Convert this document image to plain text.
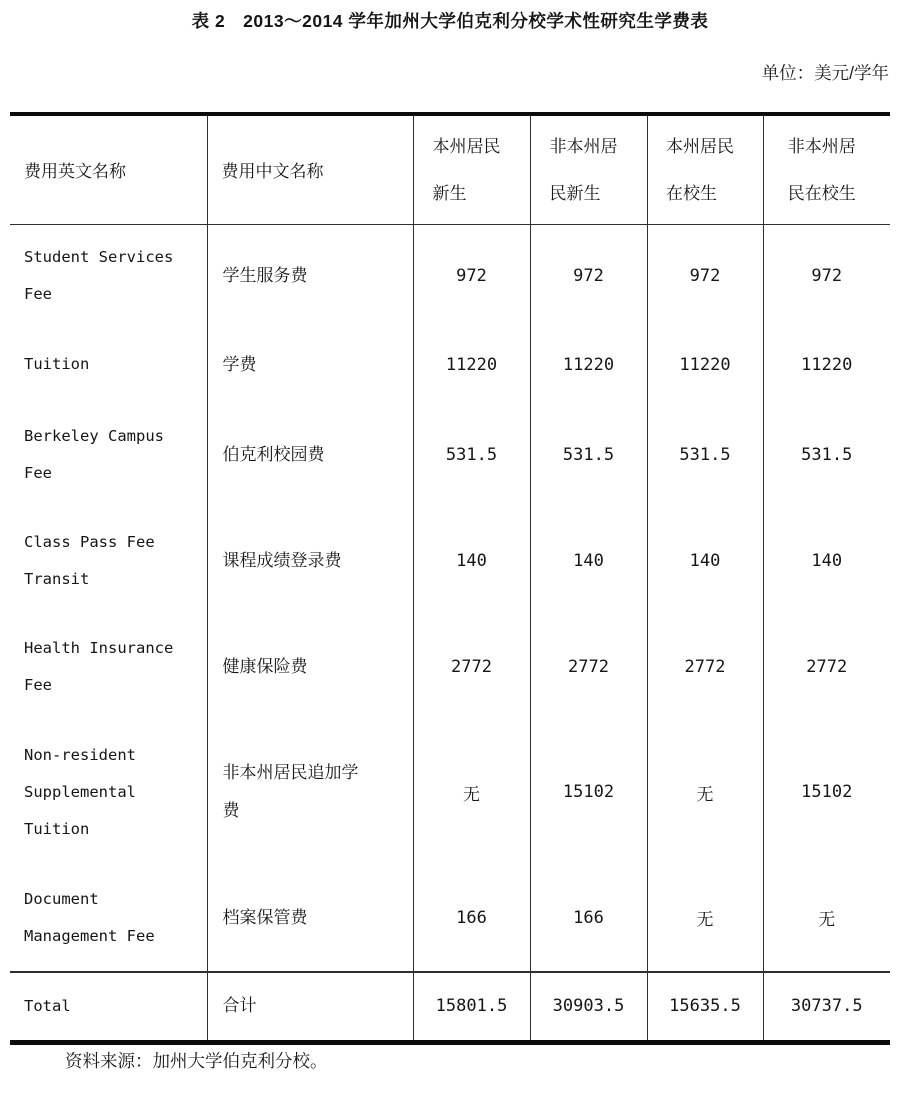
表 2　2013～2014 学年加州大学伯克利分校学术性研究生学费表
单位：美元/学年
费用英文名称	费用中文名称	本州居民新生	非本州居民新生	本州居民在校生	非本州居民在校生
Student Services Fee	学生服务费	972	972	972	972
Tuition	学费	11220	11220	11220	11220
Berkeley Campus Fee	伯克利校园费	531.5	531.5	531.5	531.5
Class Pass Fee Transit	课程成绩登录费	140	140	140	140
Health Insurance Fee	健康保险费	2772	2772	2772	2772
Non-resident Supplemental Tuition	非本州居民追加学费	无	15102	无	15102
Document Management Fee	档案保管费	166	166	无	无
Total	合计	15801.5	30903.5	15635.5	30737.5
资料来源：加州大学伯克利分校。
